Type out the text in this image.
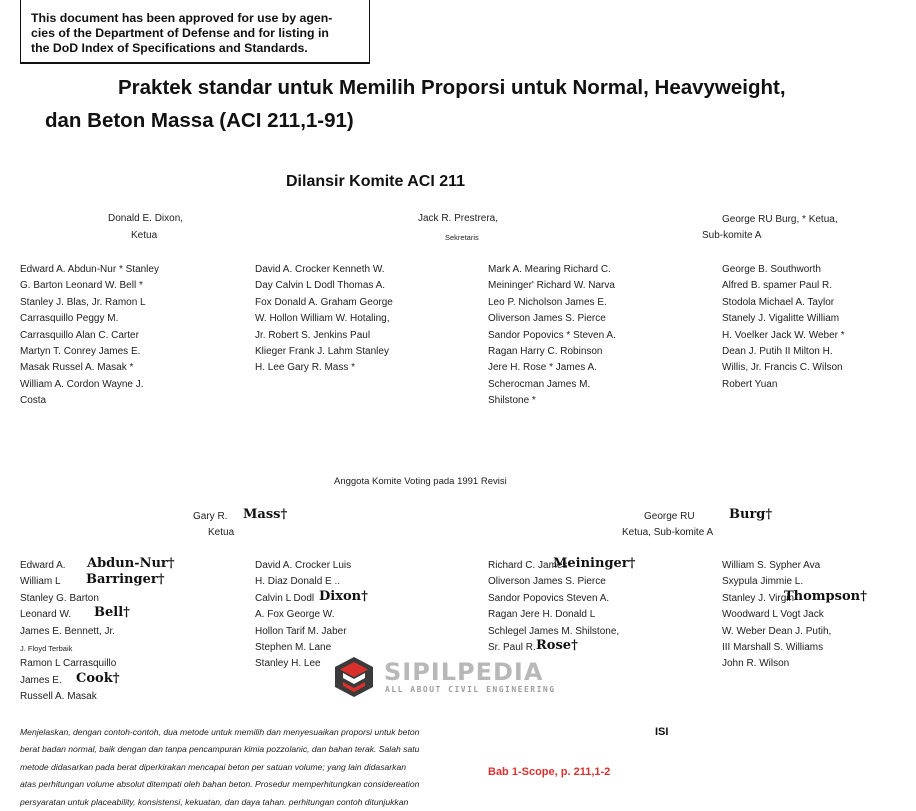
This document has been approved for use by agen-
cies of the Department of Defense and for listing in
the DoD Index of Specifications and Standards.
Praktek standar untuk Memilih Proporsi untuk Normal, Heavyweight,
dan Beton Massa (ACI 211,1-91)
Dilansir Komite ACI 211
Donald E. Dixon,
Ketua
Jack R. Prestrera,
Sekretaris
George RU Burg, * Ketua,
Sub-komite A
Edward A. Abdun-Nur * Stanley
G. Barton Leonard W. Bell *
Stanley J. Blas, Jr. Ramon L
Carrasquillo Peggy M.
Carrasquillo Alan C. Carter
Martyn T. Conrey James E.
Masak Russel A. Masak *
William A. Cordon Wayne J.
Costa
David A. Crocker Kenneth W.
Day Calvin L Dodl Thomas A.
Fox Donald A. Graham George
W. Hollon William W. Hotaling,
Jr. Robert S. Jenkins Paul
Klieger Frank J. Lahm Stanley
H. Lee Gary R. Mass *
Mark A. Mearing Richard C.
Meininger' Richard W. Narva
Leo P. Nicholson James E.
Oliverson James S. Pierce
Sandor Popovics * Steven A.
Ragan Harry C. Robinson
Jere H. Rose * James A.
Scherocman James M.
Shilstone *
George B. Southworth
Alfred B. spamer Paul R.
Stodola Michael A. Taylor
Stanely J. Vigalitte William
H. Voelker Jack W. Weber *
Dean J. Putih II Milton H.
Willis, Jr. Francis C. Wilson
Robert Yuan
Anggota Komite Voting pada 1991 Revisi
Gary R. Mass†
Ketua
George RU	Burg†
Ketua, Sub-komite A
Edward A. Abdun-Nur†
William L Barringer†
Stanley G. Barton
Leonard W. Bell†
James E. Bennett, Jr.
J. Floyd Terbaik
Ramon L Carrasquillo
James E. Cook†
Russell A. Masak
David A. Crocker Luis
H. Diaz Donald E ..
Calvin L Dodl Dixon†
A. Fox George W.
Hollon Tarif M. Jaber
Stephen M. Lane
Stanley H. Lee
Richard C. James
Meininger†
Oliverson James S. Pierce
Sandor Popovics Steven A.
Ragan Jere H. Donald L
Schlegel James M. Shilstone,
Sr. Paul R. Rose†
William S. Sypher Ava
Sxypula Jimmie L.
Stanley J. Virgin
Thompson†
Woodward L Vogt Jack
W. Weber Dean J. Putih,
III Marshall S. Williams
John R. Wilson
SIPILPEDIA
ALL ABOUT CIVIL ENGINEERING
Menjelaskan, dengan contoh-contoh, dua metode untuk memilih dan menyesuaikan proporsi untuk beton
berat badan normal, baik dengan dan tanpa pencampuran kimia pozzolanic, dan bahan terak. Salah satu
metode didasarkan pada berat diperkirakan mencapai beton per satuan volume; yang lain didasarkan
atas perhitungan volume absolut ditempati oleh bahan beton. Prosedur memperhitungkan considereation
persyaratan untuk placeability, konsistensi, kekuatan, dan daya tahan. perhitungan contoh ditunjukkan
ISI
Bab 1-Scope, p. 211,1-2
